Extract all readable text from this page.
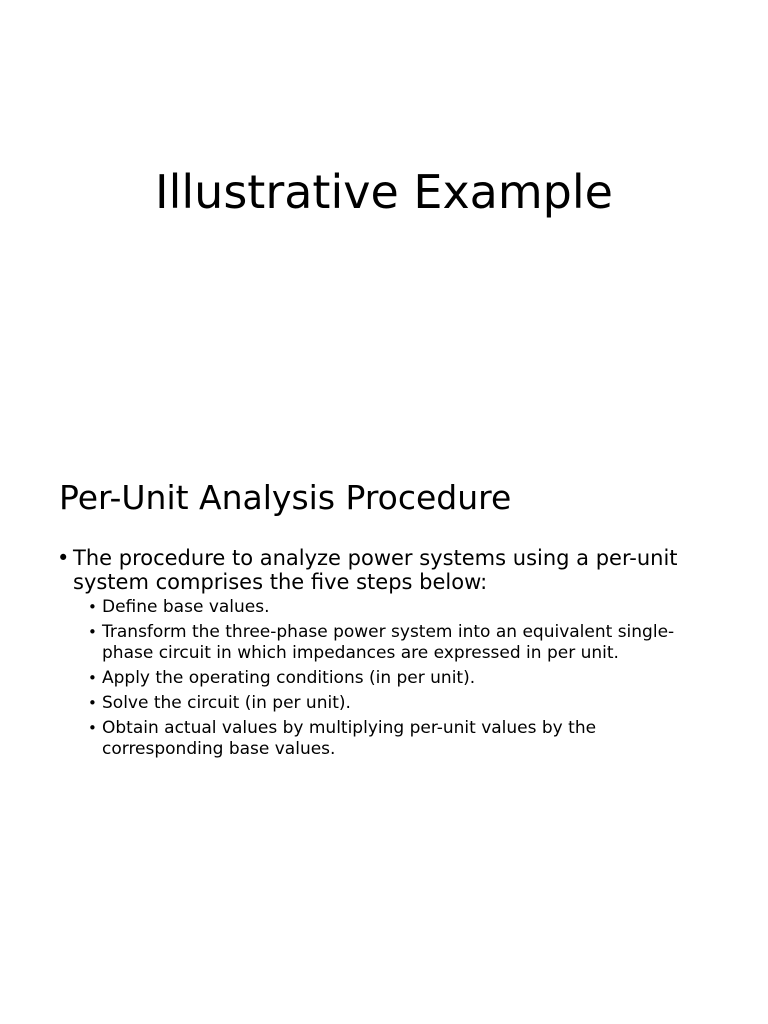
Illustrative Example
Per-Unit Analysis Procedure
• The procedure to analyze power systems using a per-unit system comprises the five steps below:
• Define base values.
• Transform the three-phase power system into an equivalent single-phase circuit in which impedances are expressed in per unit.
• Apply the operating conditions (in per unit).
• Solve the circuit (in per unit).
• Obtain actual values by multiplying per-unit values by the corresponding base values.
